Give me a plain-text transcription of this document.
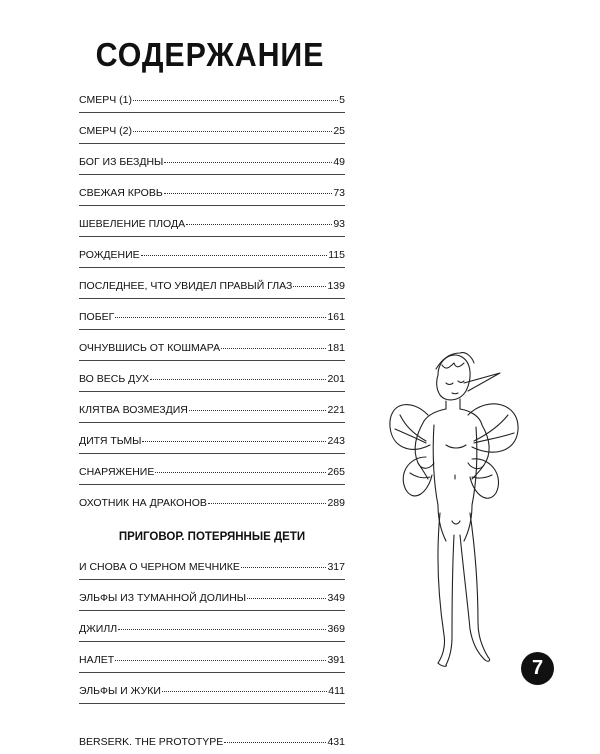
СОДЕРЖАНИЕ
СМЕРЧ (1)	5
СМЕРЧ (2)	25
БОГ ИЗ БЕЗДНЫ	49
СВЕЖАЯ КРОВЬ	73
ШЕВЕЛЕНИЕ ПЛОДА	93
РОЖДЕНИЕ	115
ПОСЛЕДНЕЕ, ЧТО УВИДЕЛ ПРАВЫЙ ГЛАЗ	139
ПОБЕГ	161
ОЧНУВШИСЬ ОТ КОШМАРА	181
ВО ВЕСЬ ДУХ	201
КЛЯТВА ВОЗМЕЗДИЯ	221
ДИТЯ ТЬМЫ	243
СНАРЯЖЕНИЕ	265
ОХОТНИК НА ДРАКОНОВ	289
ПРИГОВОР. ПОТЕРЯННЫЕ ДЕТИ
И СНОВА О ЧЕРНОМ МЕЧНИКЕ	317
ЭЛЬФЫ ИЗ ТУМАННОЙ ДОЛИНЫ	349
ДЖИЛЛ	369
НАЛЕТ	391
ЭЛЬФЫ И ЖУКИ	411
BERSERK. THE PROTOTYPE	431
7
